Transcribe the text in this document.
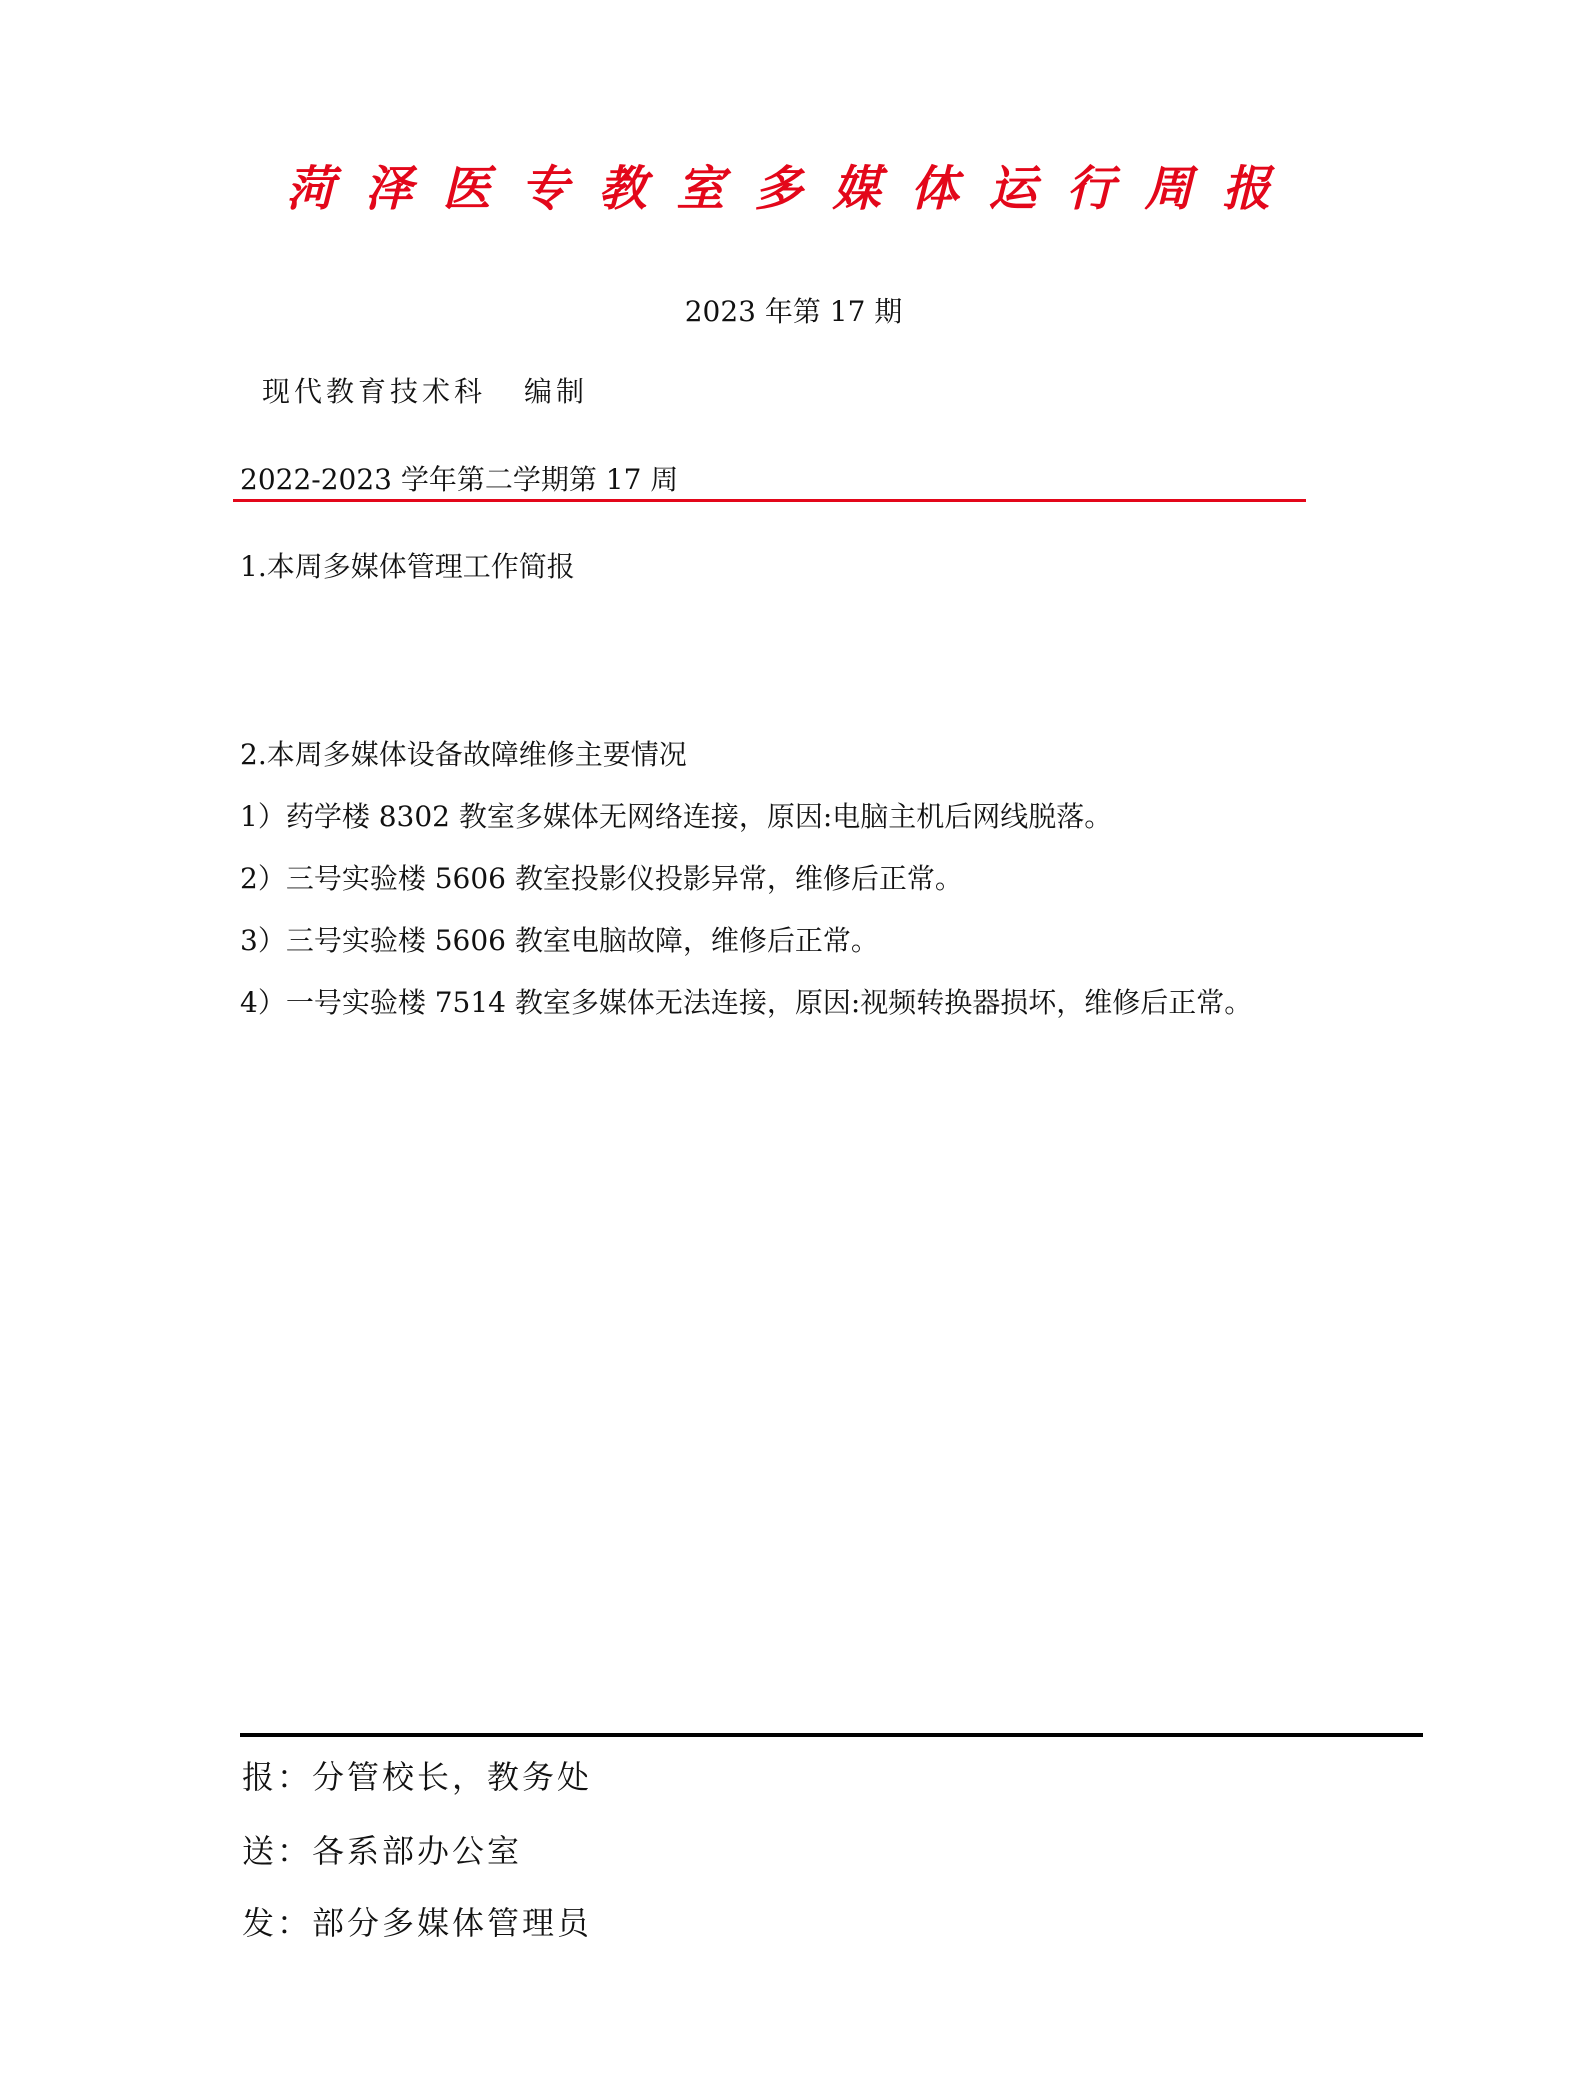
菏泽医专教室多媒体运行周报
2023 年第 17 期
现代教育技术科 编制
2022-2023 学年第二学期第 17 周
1.本周多媒体管理工作简报
2.本周多媒体设备故障维修主要情况
1）药学楼 8302 教室多媒体无网络连接，原因:电脑主机后网线脱落。
2）三号实验楼 5606 教室投影仪投影异常，维修后正常。
3）三号实验楼 5606 教室电脑故障，维修后正常。
4）一号实验楼 7514 教室多媒体无法连接，原因:视频转换器损坏，维修后正常。
报：分管校长，教务处
送：各系部办公室
发：部分多媒体管理员
